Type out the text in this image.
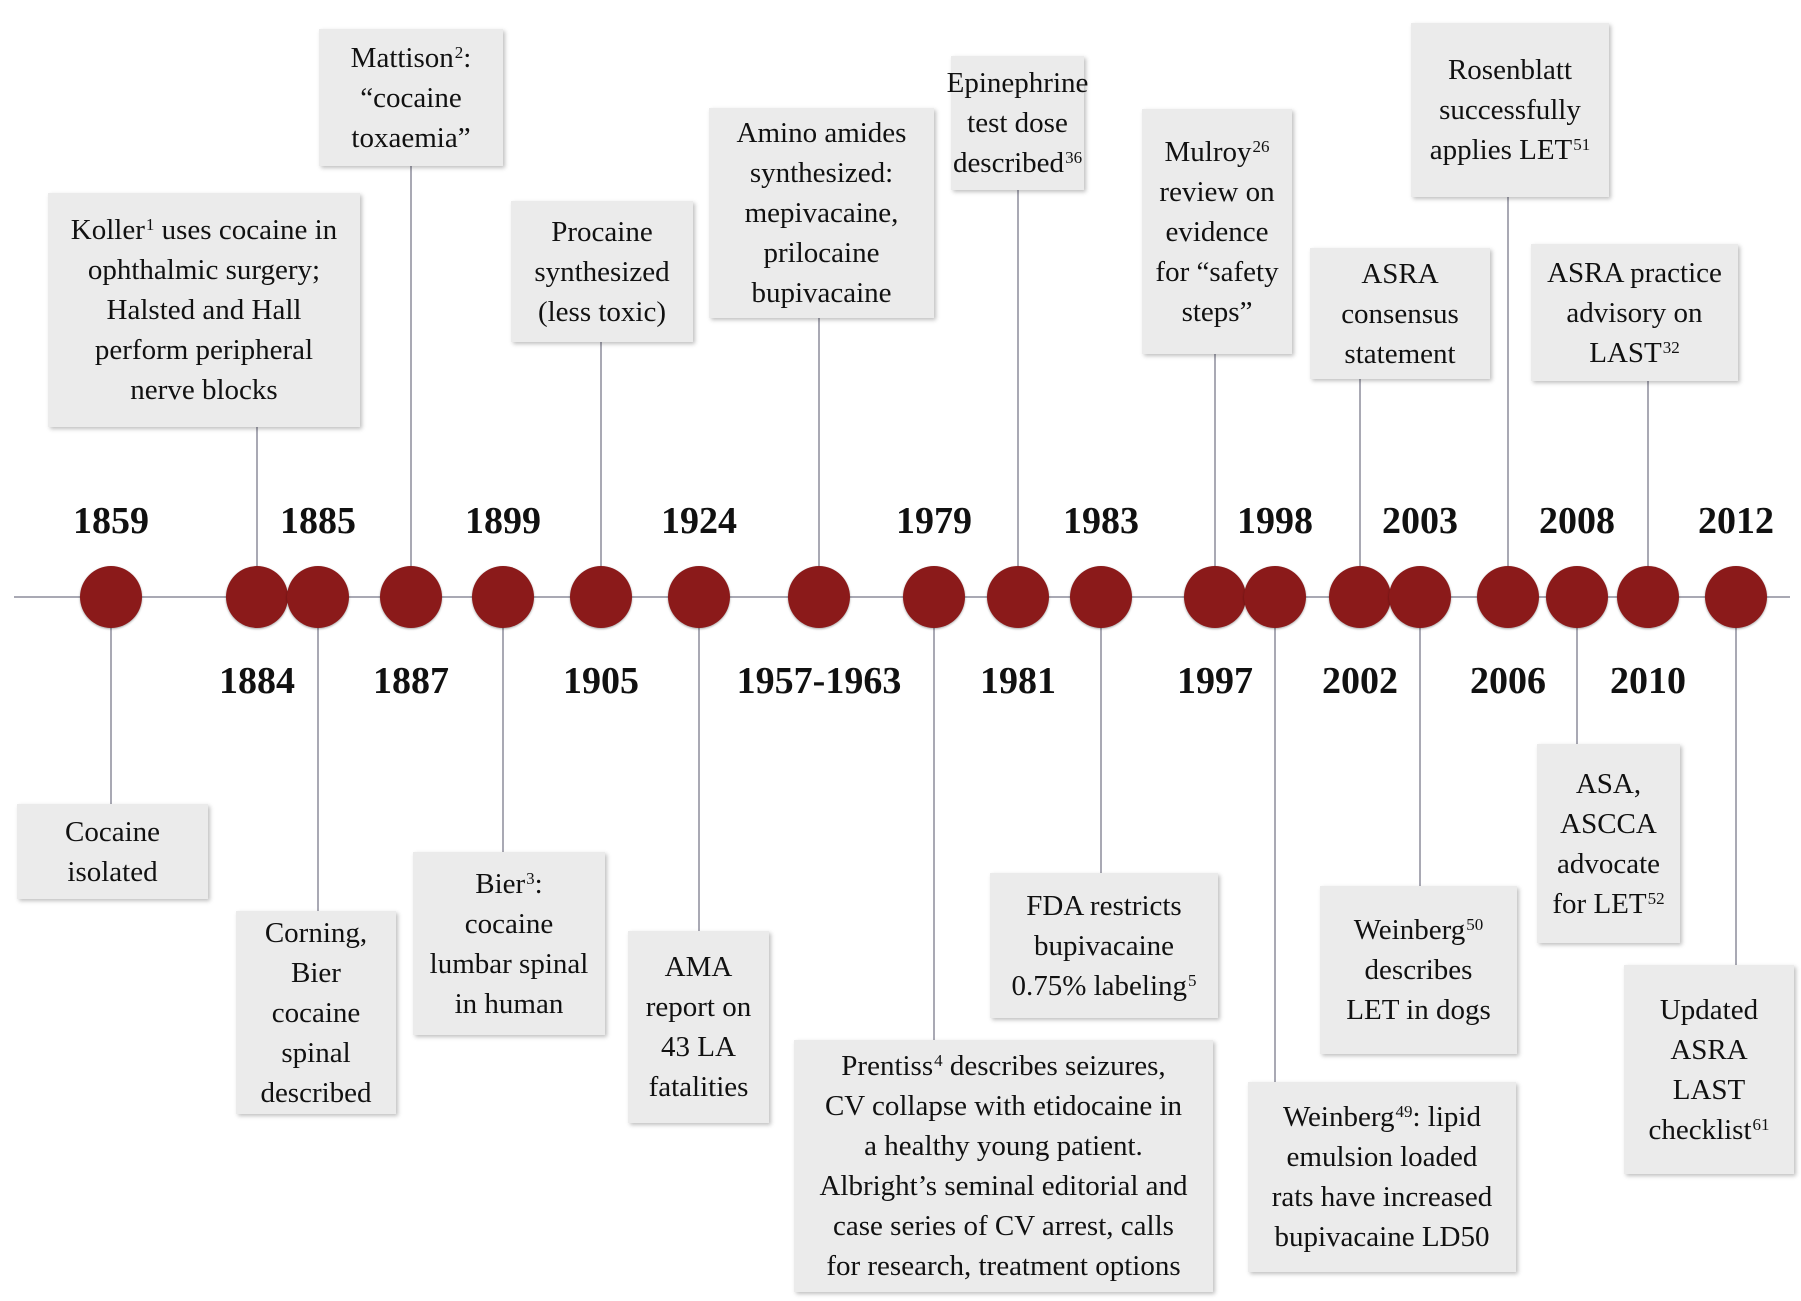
1859
Cocaine
isolated
1884
Koller$^1$ uses cocaine in
ophthalmic surgery;
Halsted and Hall
perform peripheral
nerve blocks
1885
Corning,
Bier
cocaine
spinal
described
1887
Mattison$^2$:
“cocaine
toxaemia”
1899
Bier$^3$:
cocaine
lumbar spinal
in human
1905
Procaine
synthesized
(less toxic)
1924
AMA
report on
43 LA
fatalities
1957-1963
Amino amides
synthesized:
mepivacaine,
prilocaine
bupivacaine
1979
Prentiss$^4$ describes seizures,
CV collapse with etidocaine in
a healthy young patient.
Albright’s seminal editorial and
case series of CV arrest, calls
for research, treatment options
1981
Epinephrine
test dose
described$^{36}$
1983
FDA restricts
bupivacaine
0.75% labeling$^5$
1997
Mulroy$^{26}$
review on
evidence
for “safety
steps”
1998
Weinberg$^{49}$: lipid
emulsion loaded
rats have increased
bupivacaine LD50
2002
ASRA
consensus
statement
2003
Weinberg$^{50}$
describes
LET in dogs
2006
Rosenblatt
successfully
applies LET$^{51}$
2008
ASA,
ASCCA
advocate
for LET$^{52}$
2010
ASRA practice
advisory on
LAST$^{32}$
2012
Updated
ASRA
LAST
checklist$^{61}$
